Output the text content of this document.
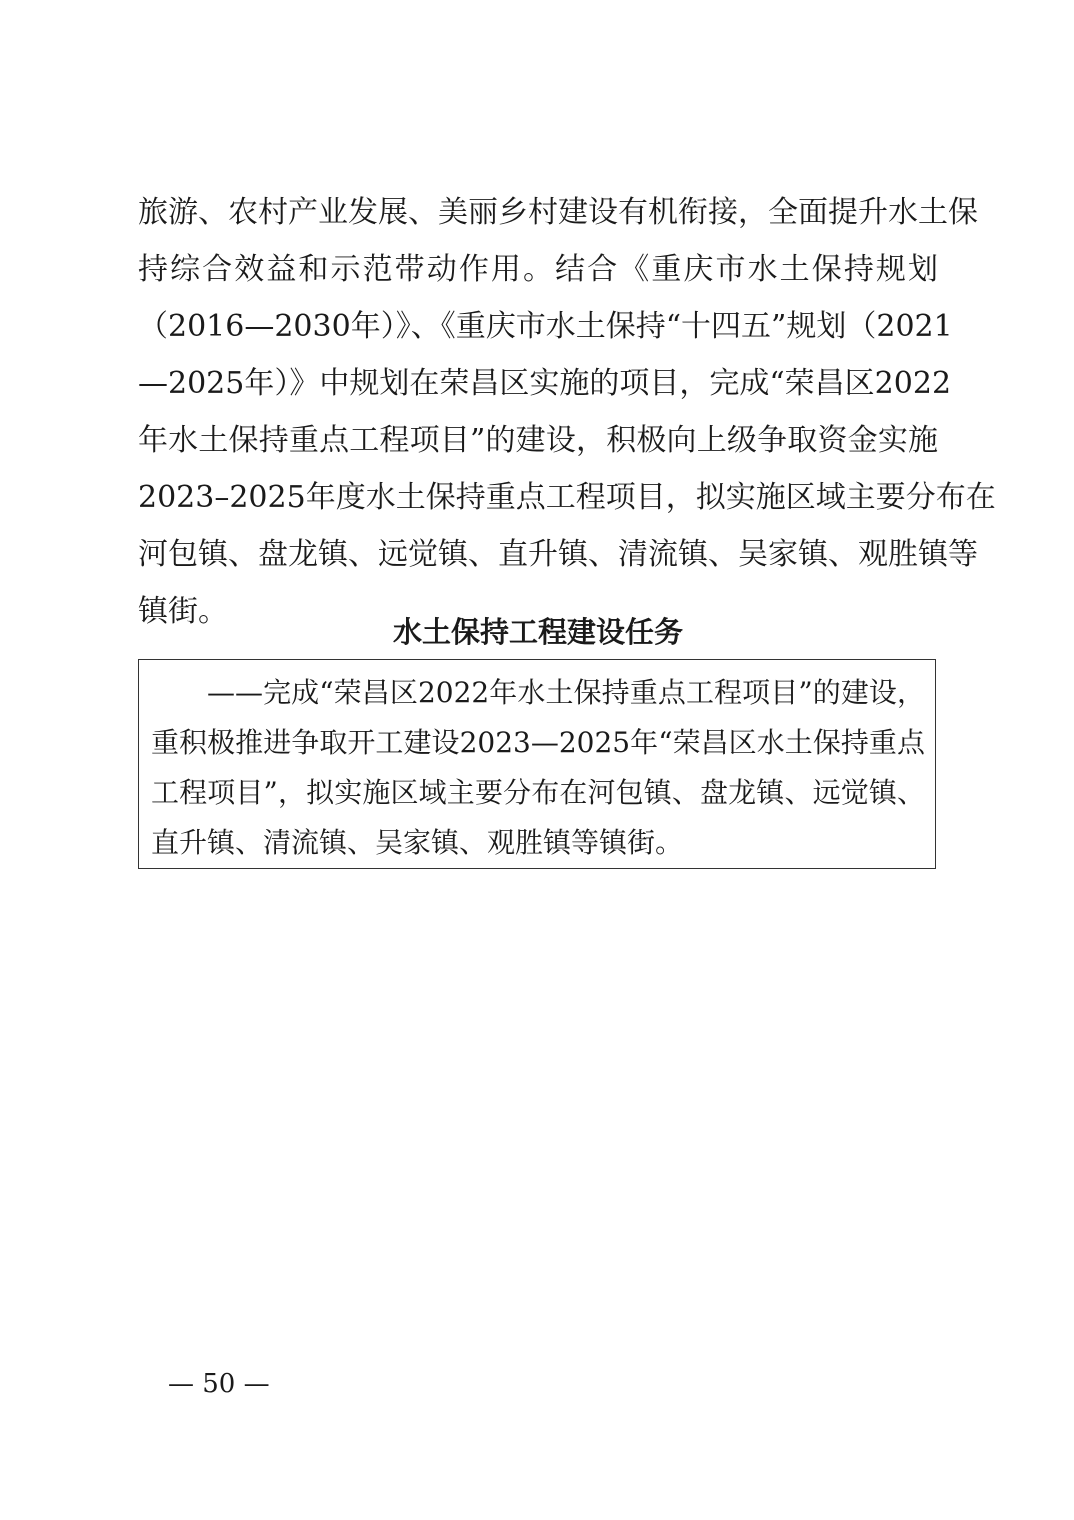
旅游、农村产业发展、美丽乡村建设有机衔接，全面提升水土保
持综合效益和示范带动作用。结合《重庆市水土保持规划
（2016—2030年）》、《重庆市水土保持“十四五”规划（2021
—2025年）》中规划在荣昌区实施的项目，完成“荣昌区2022
年水土保持重点工程项目”的建设，积极向上级争取资金实施
2023–2025年度水土保持重点工程项目，拟实施区域主要分布在
河包镇、盘龙镇、远觉镇、直升镇、清流镇、吴家镇、观胜镇等
镇街。
水土保持工程建设任务
——完成“荣昌区2022年水土保持重点工程项目”的建设，
重积极推进争取开工建设2023—2025年“荣昌区水土保持重点
工程项目”，拟实施区域主要分布在河包镇、盘龙镇、远觉镇、
直升镇、清流镇、吴家镇、观胜镇等镇街。
— 50 —
